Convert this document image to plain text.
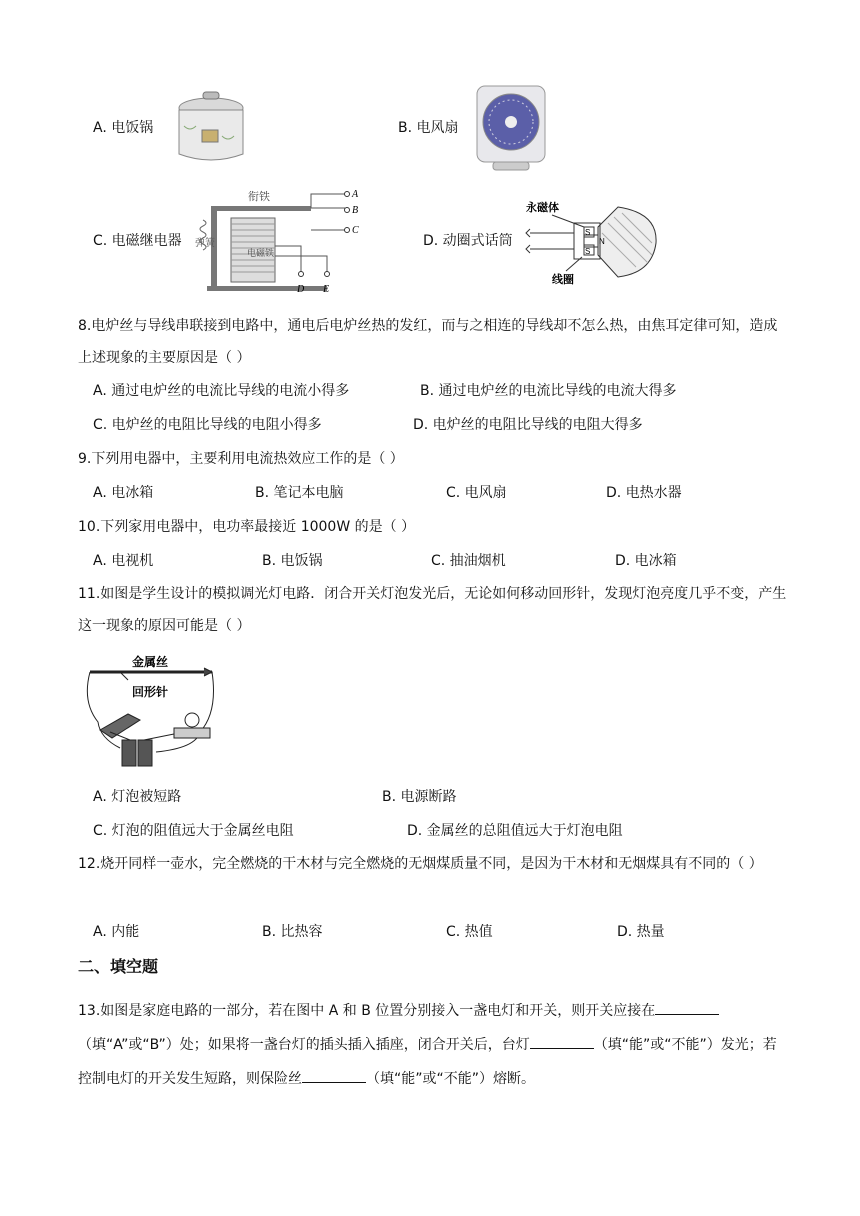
A. 电饭锅	B. 电风扇
C. 电磁继电器
衔铁
弹簧
电磁铁
A
B
C
D E
D. 动圈式话筒
永磁体
S
N
S
线圈
8.电炉丝与导线串联接到电路中，通电后电炉丝热的发红，而与之相连的导线却不怎么热，由焦耳定律可知，造成上述现象的主要原因是（ ）
A. 通过电炉丝的电流比导线的电流小得多	B. 通过电炉丝的电流比导线的电流大得多
C. 电炉丝的电阻比导线的电阻小得多	D. 电炉丝的电阻比导线的电阻大得多
9.下列用电器中，主要利用电流热效应工作的是（ ）
A. 电冰箱	B. 笔记本电脑	C. 电风扇	D. 电热水器
10.下列家用电器中，电功率最接近 1000W 的是（ ）
A. 电视机	B. 电饭锅	C. 抽油烟机	D. 电冰箱
11.如图是学生设计的模拟调光灯电路．闭合开关灯泡发光后，无论如何移动回形针，发现灯泡亮度几乎不变，产生这一现象的原因可能是（ ）
金属丝
回形针
A. 灯泡被短路	B. 电源断路
C. 灯泡的阻值远大于金属丝电阻	D. 金属丝的总阻值远大于灯泡电阻
12.烧开同样一壶水，完全燃烧的干木材与完全燃烧的无烟煤质量不同，是因为干木材和无烟煤具有不同的（ ）
A. 内能	B. 比热容	C. 热值	D. 热量
二、填空题
13.如图是家庭电路的一部分，若在图中 A 和 B 位置分别接入一盏电灯和开关，则开关应接在（填“A”或“B”）处；如果将一盏台灯的插头插入插座，闭合开关后，台灯	（填“能”或“不能”）发光；若控制电灯的开关发生短路，则保险丝	（填“能”或“不能”）熔断。
